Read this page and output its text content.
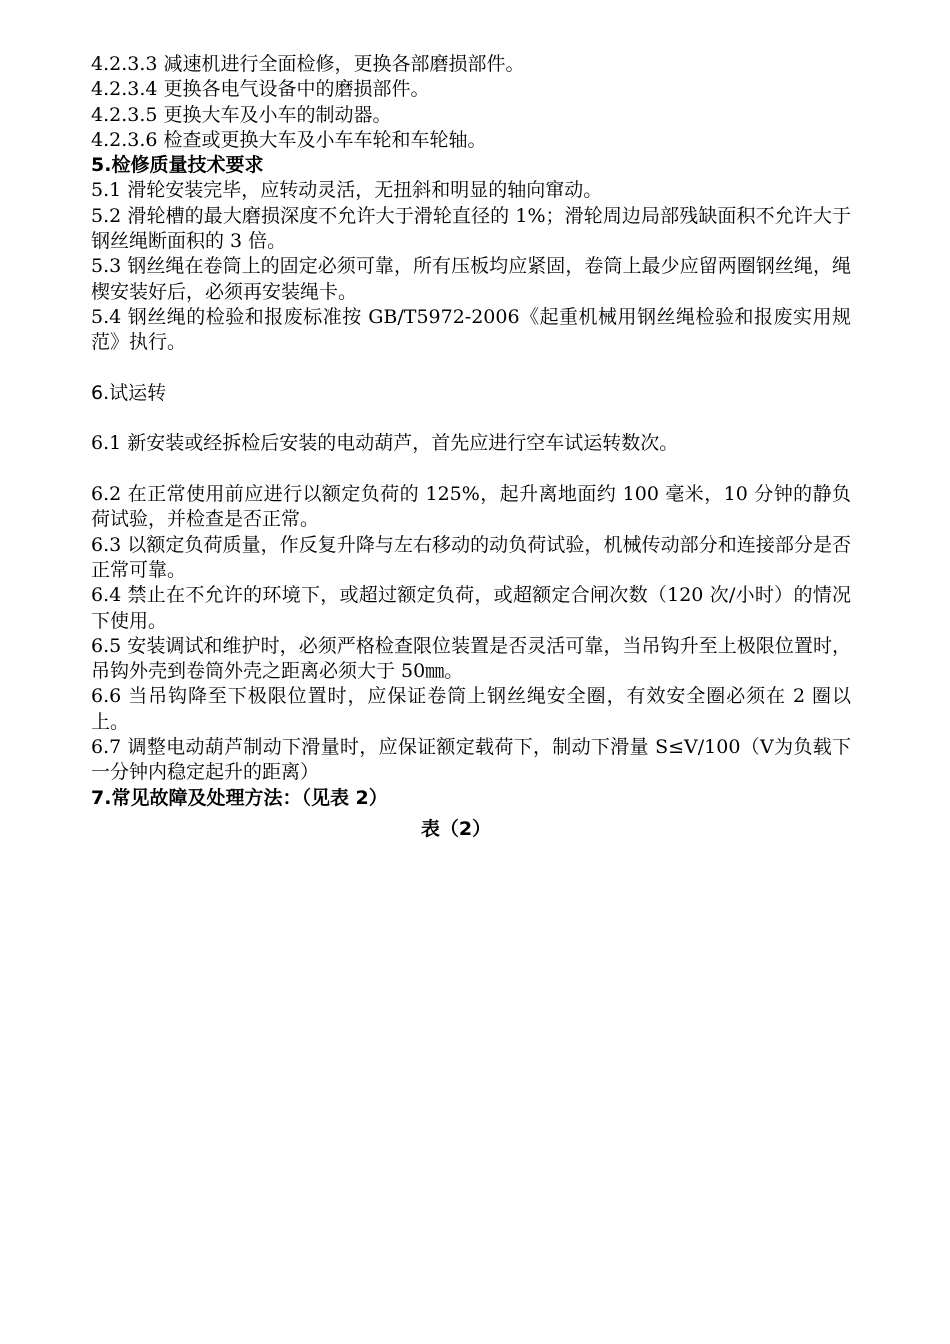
4.2.3.3 减速机进行全面检修，更换各部磨损部件。
4.2.3.4 更换各电气设备中的磨损部件。
4.2.3.5 更换大车及小车的制动器。
4.2.3.6 检查或更换大车及小车车轮和车轮轴。
5.检修质量技术要求
5.1 滑轮安装完毕，应转动灵活，无扭斜和明显的轴向窜动。
5.2 滑轮槽的最大磨损深度不允许大于滑轮直径的 1%；滑轮周边局部残缺面积不允许大于钢丝绳断面积的 3 倍。
5.3 钢丝绳在卷筒上的固定必须可靠，所有压板均应紧固，卷筒上最少应留两圈钢丝绳，绳楔安装好后，必须再安装绳卡。
5.4 钢丝绳的检验和报废标准按 GB/T5972-2006《起重机械用钢丝绳检验和报废实用规范》执行。
6.试运转
6.1 新安装或经拆检后安装的电动葫芦，首先应进行空车试运转数次。
6.2 在正常使用前应进行以额定负荷的 125%，起升离地面约 100 毫米，10 分钟的静负荷试验，并检查是否正常。
6.3 以额定负荷质量，作反复升降与左右移动的动负荷试验，机械传动部分和连接部分是否正常可靠。
6.4 禁止在不允许的环境下，或超过额定负荷，或超额定合闸次数（120 次/小时）的情况下使用。
6.5 安装调试和维护时，必须严格检查限位装置是否灵活可靠，当吊钩升至上极限位置时，吊钩外壳到卷筒外壳之距离必须大于 50㎜。
6.6 当吊钩降至下极限位置时，应保证卷筒上钢丝绳安全圈，有效安全圈必须在 2 圈以上。
6.7 调整电动葫芦制动下滑量时，应保证额定载荷下，制动下滑量 S≤V/100（V为负载下一分钟内稳定起升的距离）
7.常见故障及处理方法：（见表 2）
表（2）
